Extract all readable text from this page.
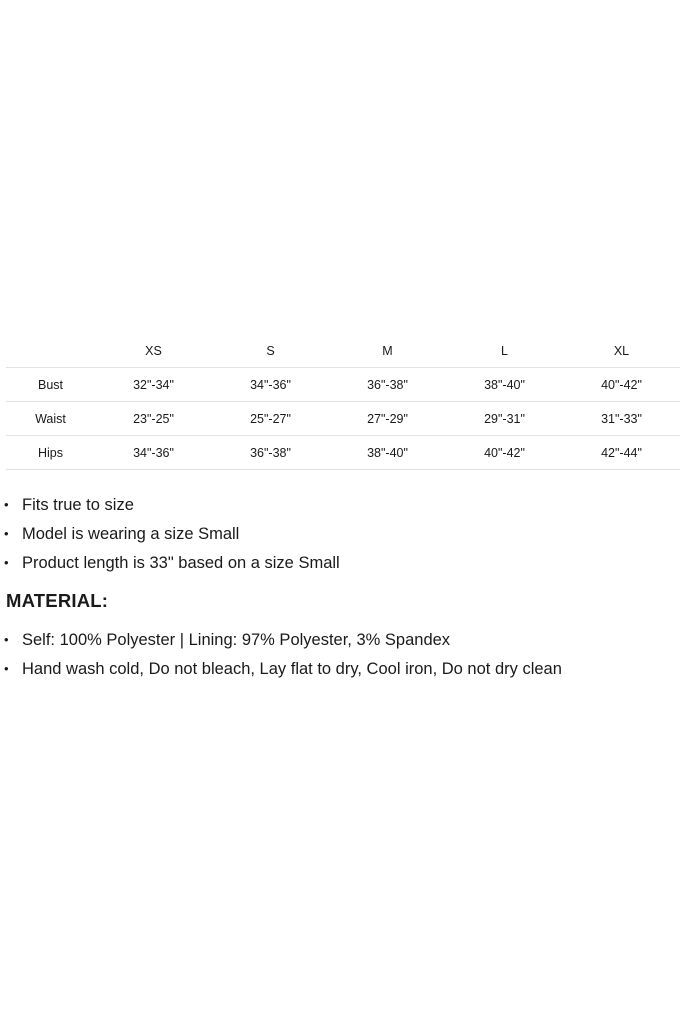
	XS	S	M	L	XL
Bust	32"-34"	34"-36"	36"-38"	38"-40"	40"-42"
Waist	23"-25"	25"-27"	27"-29"	29"-31"	31"-33"
Hips	34"-36"	36"-38"	38"-40"	40"-42"	42"-44"
• Fits true to size
• Model is wearing a size Small
• Product length is 33" based on a size Small
MATERIAL:
• Self: 100% Polyester | Lining: 97% Polyester, 3% Spandex
• Hand wash cold, Do not bleach, Lay flat to dry, Cool iron, Do not dry clean
